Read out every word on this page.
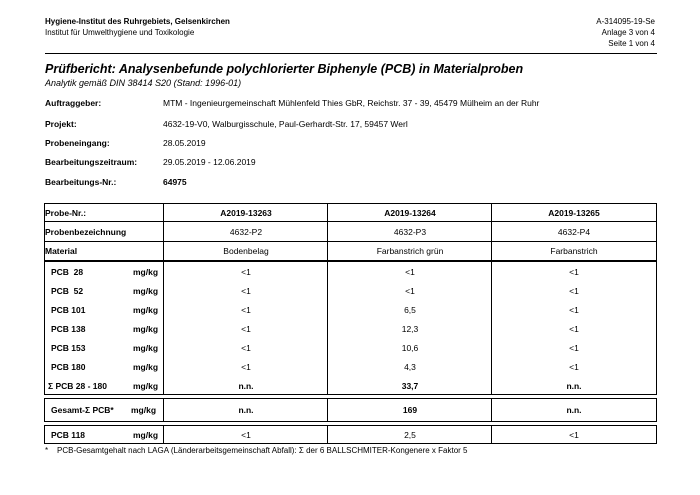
Hygiene-Institut des Ruhrgebiets, Gelsenkirchen
Institut für Umwelthygiene und Toxikologie
A-314095-19-Se
Anlage 3 von 4
Seite 1 von 4
Prüfbericht: Analysenbefunde polychlorierter Biphenyle (PCB) in Materialproben
Analytik gemäß DIN 38414 S20 (Stand: 1996-01)
Auftraggeber:	MTM - Ingenieurgemeinschaft Mühlenfeld Thies GbR, Reichstr. 37 - 39, 45479 Mülheim an der Ruhr
Projekt:	4632-19-V0, Walburgisschule, Paul-Gerhardt-Str. 17, 59457 Werl
Probeneingang:	28.05.2019
Bearbeitungszeitraum:	29.05.2019 - 12.06.2019
Bearbeitungs-Nr.:	64975
Probe-Nr.:	A2019-13263	A2019-13264	A2019-13265
Probenbezeichnung	4632-P2	4632-P3	4632-P4
Material	Bodenbelag	Farbanstrich grün	Farbanstrich
PCB  28 mg/kg	<1	<1	<1
PCB  52 mg/kg	<1	<1	<1
PCB 101 mg/kg	<1	6,5	<1
PCB 138 mg/kg	<1	12,3	<1
PCB 153 mg/kg	<1	10,6	<1
PCB 180 mg/kg	<1	4,3	<1
Σ PCB 28 - 180 mg/kg	n.n.	33,7	n.n.
Gesamt-Σ PCB* mg/kg	n.n.	169	n.n.
PCB 118	mg/kg	<1	2,5	<1
*    PCB-Gesamtgehalt nach LAGA (Länderarbeitsgemeinschaft Abfall): Σ der 6 BALLSCHMITER-Kongenere x Faktor 5
